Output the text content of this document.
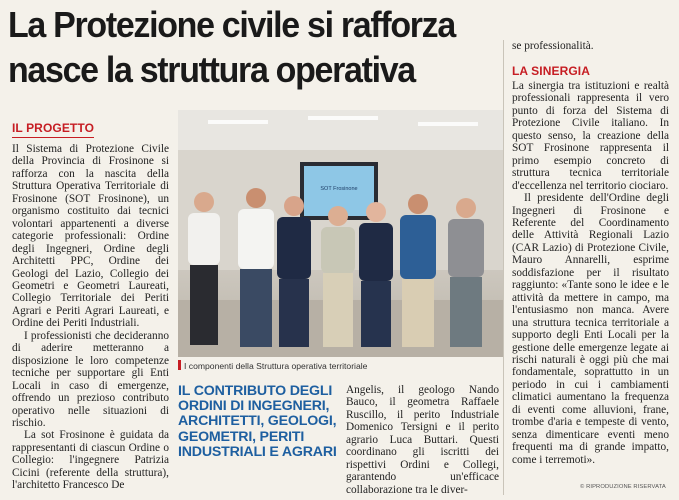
La Protezione civile si rafforza
nasce la struttura operativa
IL PROGETTO

Il Sistema di Protezione Civile della Provincia di Frosinone si rafforza con la nascita della Struttura Operativa Territoriale di Frosinone (SOT Frosinone), un organismo costituito dai tecnici volontari appartenenti a diverse categorie professionali: Ordine degli Ingegneri, Ordine degli Architetti PPC, Ordine dei Geologi del Lazio, Collegio dei Geometri e Geometri Laureati, Collegio Territoriale dei Periti Agrari e Periti Agrari Laureati, e Ordine dei Periti Industriali.

I professionisti che decideranno di aderire metteranno a disposizione le loro competenze tecniche per supportare gli Enti Locali in caso di emergenze, offrendo un prezioso contributo operativo nelle situazioni di rischio.

La sot Frosinone è guidata da rappresentanti di ciascun Ordine o Collegio: l'ingegnere Patrizia Cicini (referente della struttura), l'architetto Francesco De

SOT Frosinone
I componenti della Struttura operativa territoriale
IL CONTRIBUTO DEGLI ORDINI DI INGEGNERI, ARCHITETTI, GEOLOGI, GEOMETRI, PERITI INDUSTRIALI E AGRARI

Angelis, il geologo Nando Bauco, il geometra Raffaele Ruscillo, il perito Industriale Domenico Tersigni e il perito agrario Luca Buttari. Questi coordinano gli iscritti dei rispettivi Ordini e Collegi, garantendo un'efficace collaborazione tra le diver-

se professionalità.

LA SINERGIA

La sinergia tra istituzioni e realtà professionali rappresenta il vero punto di forza del Sistema di Protezione Civile italiano. In questo senso, la creazione della SOT Frosinone rappresenta il primo esempio concreto di struttura tecnica territoriale d'eccellenza nel territorio ciociaro.

Il presidente dell'Ordine degli Ingegneri di Frosinone e Referente del Coordinamento delle Attività Regionali Lazio (CAR Lazio) di Protezione Civile, Mauro Annarelli, esprime soddisfazione per il risultato raggiunto: «Tante sono le idee e le attività da mettere in campo, ma l'entusiasmo non manca. Avere una struttura tecnica territoriale a supporto degli Enti Locali per la gestione delle emergenze legate ai rischi naturali è oggi più che mai fondamentale, soprattutto in un periodo in cui i cambiamenti climatici aumentano la frequenza di eventi come alluvioni, frane, trombe d'aria e tempeste di vento, senza dimenticare eventi meno frequenti ma di grande impatto, come i terremoti».

© RIPRODUZIONE RISERVATA
